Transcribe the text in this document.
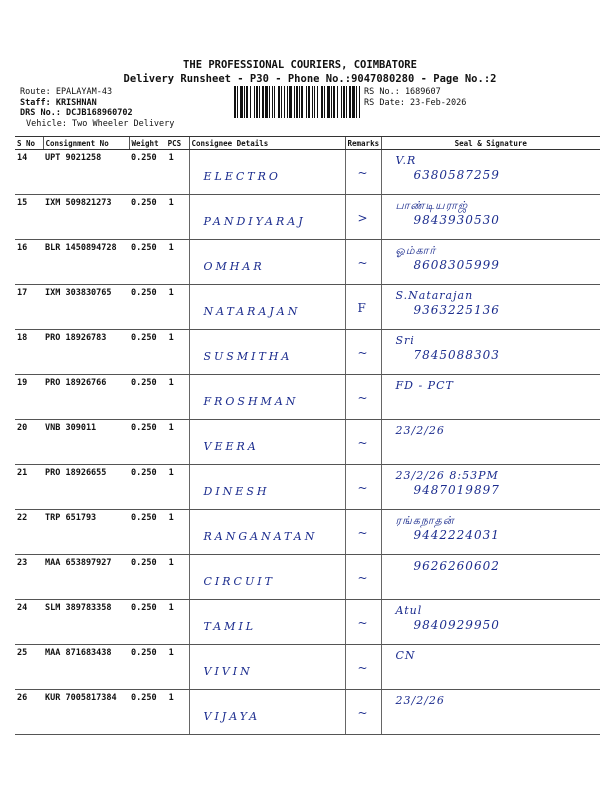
THE PROFESSIONAL COURIERS, COIMBATORE
Delivery Runsheet - P30 - Phone No.:9047080280 - Page No.:2
Route: EPALAYAM-43
Staff: KRISHNAN
DRS No.: DCJB168960702
Vehicle: Two Wheeler Delivery
RS No.: 1689607
RS Date: 23-Feb-2026
S No	Consignment No	Weight PCS	Consignee Details	Remarks	Seal & Signature
14	UPT 9021258	0.250 1	ELECTRO	~	V.R
6380587259

15	IXM 509821273	0.250 1	PANDIYARAJ	>	பாண்டியராஜ்
9843930530

16	BLR 1450894728	0.250 1	OMHAR	~	ஓம்கார்
8608305999

17	IXM 303830765	0.250 1	NATARAJAN	F	S.Natarajan
9363225136

18	PRO 18926783	0.250 1	SUSMITHA	~	Sri
7845088303

19	PRO 18926766	0.250 1	FROSHMAN	~	FD - PCT

20	VNB 309011	0.250 1	VEERA	~	23/2/26

21	PRO 18926655	0.250 1	DINESH	~	23/2/26 8:53PM
9487019897

22	TRP 651793	0.250 1	RANGANATAN	~	ரங்கநாதன்
9442224031

23	MAA 653897927	0.250 1	CIRCUIT	~	9626260602

24	SLM 389783358	0.250 1	TAMIL	~	Atul
9840929950

25	MAA 871683438	0.250 1	VIVIN	~	CN

26	KUR 7005817384	0.250 1	VIJAYA	~	23/2/26
